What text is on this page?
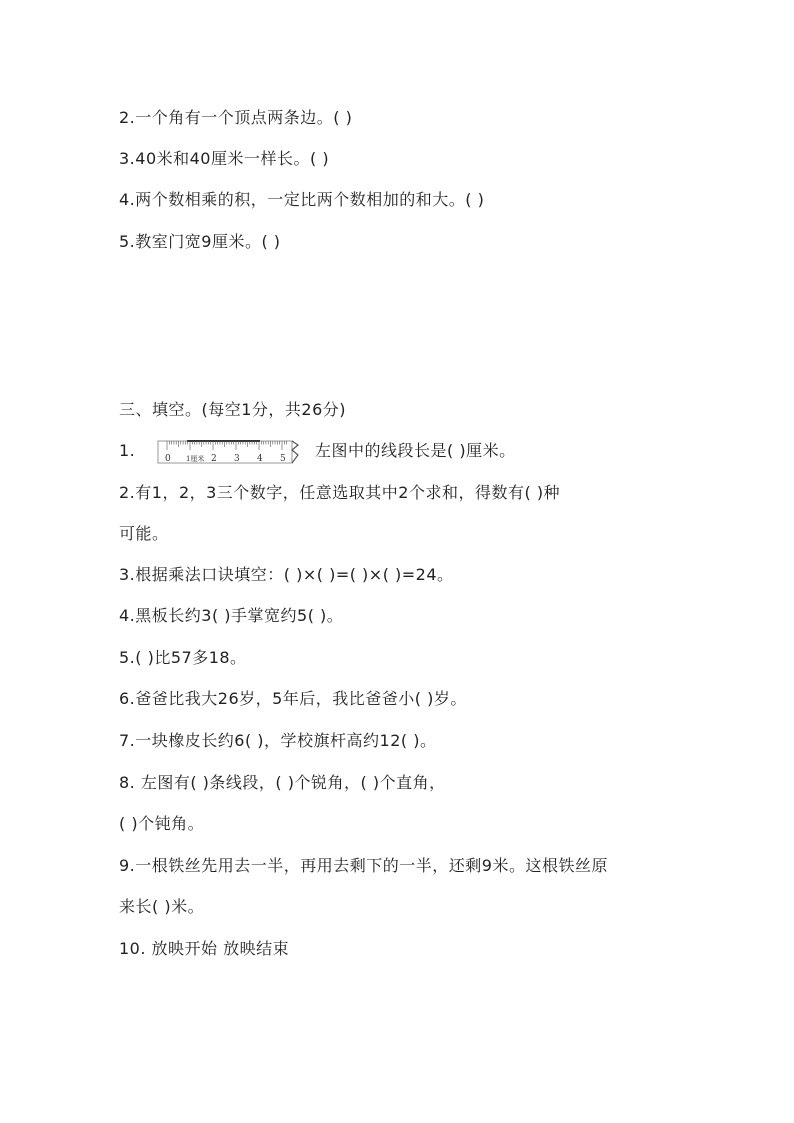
2.一个角有一个顶点两条边。( )
3.40米和40厘米一样长。( )
4.两个数相乘的积，一定比两个数相加的和大。( )
5.教室门宽9厘米。( )
三、填空。(每空1分，共26分)
1.	0 1厘米 2 3 4 5 左图中的线段长是( )厘米。
2.有1，2，3三个数字，任意选取其中2个求和，得数有( )种
可能。
3.根据乘法口诀填空：( )×( )=( )×( )=24。
4.黑板长约3( )手掌宽约5( )。
5.( )比57多18。
6.爸爸比我大26岁，5年后，我比爸爸小( )岁。
7.一块橡皮长约6( )，学校旗杆高约12( )。
8. 左图有( )条线段，( )个锐角，( )个直角，
( )个钝角。
9.一根铁丝先用去一半，再用去剩下的一半，还剩9米。这根铁丝原
来长( )米。
10. 放映开始 放映结束
